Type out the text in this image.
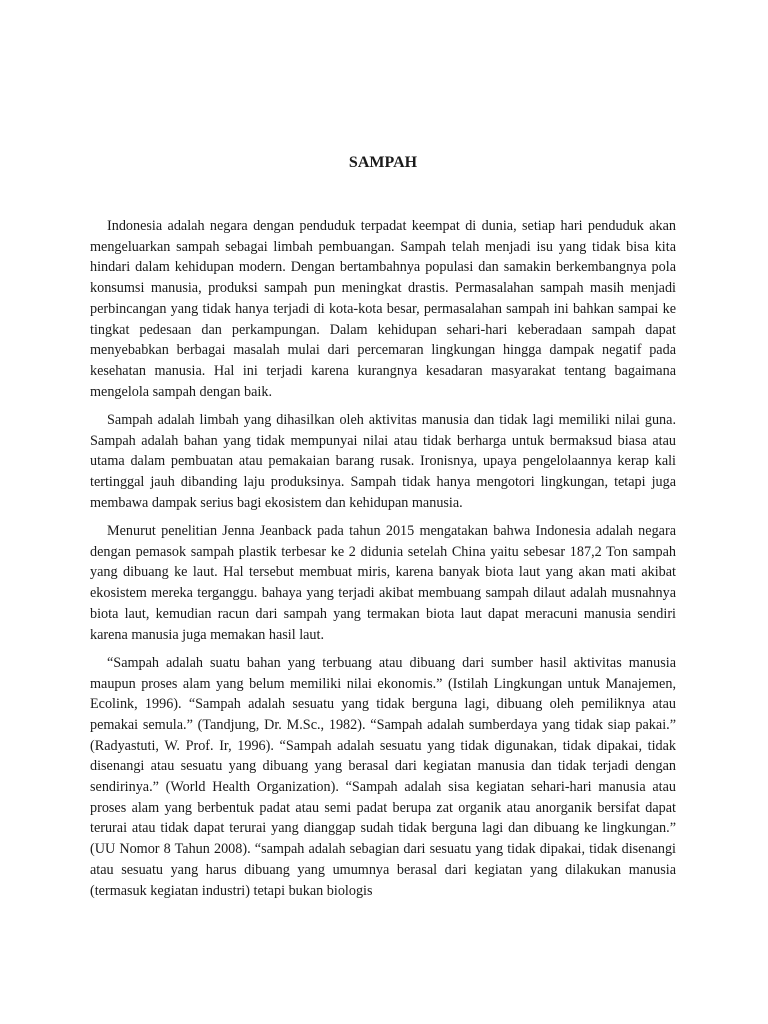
SAMPAH

Indonesia adalah negara dengan penduduk terpadat keempat di dunia, setiap hari penduduk akan mengeluarkan sampah sebagai limbah pembuangan. Sampah telah menjadi isu yang tidak bisa kita hindari dalam kehidupan modern. Dengan bertambahnya populasi dan samakin berkembangnya pola konsumsi manusia, produksi sampah pun meningkat drastis. Permasalahan sampah masih menjadi perbincangan yang tidak hanya terjadi di kota-kota besar, permasalahan sampah ini bahkan sampai ke tingkat pedesaan dan perkampungan. Dalam kehidupan sehari-hari keberadaan sampah dapat menyebabkan berbagai masalah mulai dari percemaran lingkungan hingga dampak negatif pada kesehatan manusia. Hal ini terjadi karena kurangnya kesadaran masyarakat tentang bagaimana mengelola sampah dengan baik.

Sampah adalah limbah yang dihasilkan oleh aktivitas manusia dan tidak lagi memiliki nilai guna. Sampah adalah bahan yang tidak mempunyai nilai atau tidak berharga untuk bermaksud biasa atau utama dalam pembuatan atau pemakaian barang rusak. Ironisnya, upaya pengelolaannya kerap kali tertinggal jauh dibanding laju produksinya. Sampah tidak hanya mengotori lingkungan, tetapi juga membawa dampak serius bagi ekosistem dan kehidupan manusia.

Menurut penelitian Jenna Jeanback pada tahun 2015 mengatakan bahwa Indonesia adalah negara dengan pemasok sampah plastik terbesar ke 2 didunia setelah China yaitu sebesar 187,2 Ton sampah yang dibuang ke laut. Hal tersebut membuat miris, karena banyak biota laut yang akan mati akibat ekosistem mereka terganggu. bahaya yang terjadi akibat membuang sampah dilaut adalah musnahnya biota laut, kemudian racun dari sampah yang termakan biota laut dapat meracuni manusia sendiri karena manusia juga memakan hasil laut.

“Sampah adalah suatu bahan yang terbuang atau dibuang dari sumber hasil aktivitas manusia maupun proses alam yang belum memiliki nilai ekonomis.” (Istilah Lingkungan untuk Manajemen, Ecolink, 1996). “Sampah adalah sesuatu yang tidak berguna lagi, dibuang oleh pemiliknya atau pemakai semula.” (Tandjung, Dr. M.Sc., 1982). “Sampah adalah sumberdaya yang tidak siap pakai.” (Radyastuti, W. Prof. Ir, 1996). “Sampah adalah sesuatu yang tidak digunakan, tidak dipakai, tidak disenangi atau sesuatu yang dibuang yang berasal dari kegiatan manusia dan tidak terjadi dengan sendirinya.” (World Health Organization). “Sampah adalah sisa kegiatan sehari-hari manusia atau proses alam yang berbentuk padat atau semi padat berupa zat organik atau anorganik bersifat dapat terurai atau tidak dapat terurai yang dianggap sudah tidak berguna lagi dan dibuang ke lingkungan.” (UU Nomor 8 Tahun 2008). “sampah adalah sebagian dari sesuatu yang tidak dipakai, tidak disenangi atau sesuatu yang harus dibuang yang umumnya berasal dari kegiatan yang dilakukan manusia (termasuk kegiatan industri) tetapi bukan biologis
